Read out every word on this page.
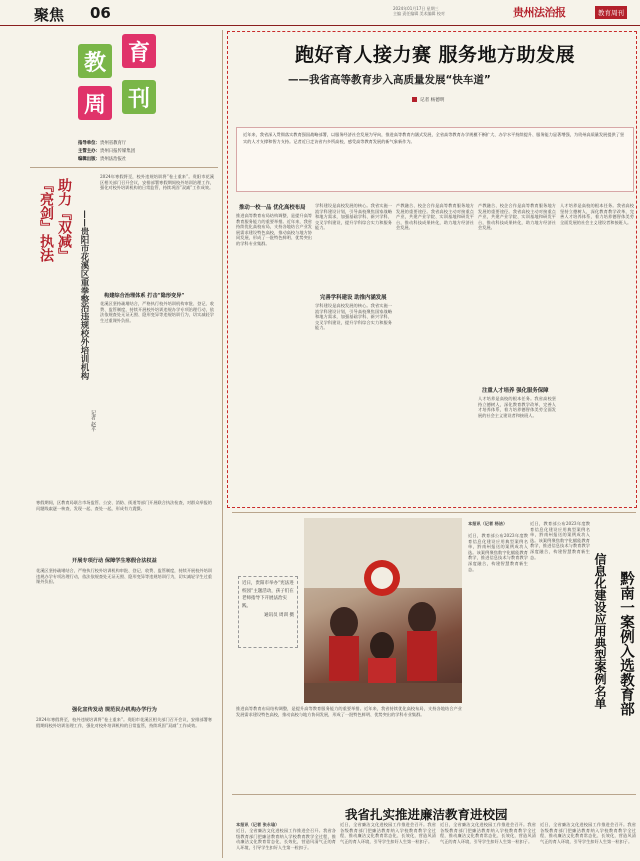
聚焦 06	2024年01月17日 星期三
主编 责任编辑 美术编辑 校对	贵州法治报	教育周刊
教 育
周 刊
指导单位：贵州省教育厅
主管主办：贵州日报传媒集团
编辑出版：贵州法治报社
『亮剑』执法 助力『双减』 ——贵阳市花溪区重拳整治违规校外培训机构
记者 赵平
2024年寒假将至，校外违规培训将“卷土重来”。贵阳市花溪区相关部门召开会议，安排部署寒假期间校外培训治理工作，强化对校外培训机构的日常监管，持续巩固“双减”工作成效。
构建综合治理体系 打击“隐形变异”
花溪区坚持疏堵结合，严格执行校外培训机构审批、登记、收费、监管制度，持续开展校外培训违规办学专项治理行动，依法依规查处无证无照、隐形变异等违规培训行为，切实减轻学生过重课外负担。
寒假期间，区教育局联合市场监管、公安、消防、街道等部门开展联合执法检查，对群众举报的问题线索逐一核查，发现一起、查处一起，形成有力震慑。
开展专项行动 保障学生寒假合法权益
花溪区坚持疏堵结合，严格执行校外培训机构审批、登记、收费、监管制度，持续开展校外培训违规办学专项治理行动，依法依规查处无证无照、隐形变异等违规培训行为，切实减轻学生过重课外负担。
强化宣传发动 规范民办机构办学行为
2024年寒假将至，校外违规培训将“卷土重来”。贵阳市花溪区相关部门召开会议，安排部署寒假期间校外培训治理工作，强化对校外培训机构的日常监管，持续巩固“双减”工作成效。
跑好育人接力赛 服务地方助发展
——我省高等教育步入高质量发展“快车道”
记者 杨德明
近年来，我省深入贯彻落实教育强国战略部署，以服务经济社会发展为导向，推进高等教育内涵式发展，全省高等教育办学规模不断扩大、办学水平持续提升、服务能力显著增强，为贵州高质量发展提供了坚实的人才支撑和智力支持。记者近日走访省内多所高校，感受高等教育发展的新气象新作为。
推动一校一品 优化高校布局
推进高等教育布局结构调整，是提升高等教育服务能力的重要举措。近年来，我省持续优化高校布局，支持各地结合产业发展需求建设特色高校，推动高校与地方协同发展，形成了一批特色鲜明、优势突出的学科专业集群。
学科建设是高校发展的核心。我省实施一流学科建设计划，引导高校聚焦国家战略和地方需求，加强基础学科、新兴学科、交叉学科建设，提升学科综合实力和服务能力。
完善学科建设 助推内涵发展
学科建设是高校发展的核心。我省实施一流学科建设计划，引导高校聚焦国家战略和地方需求，加强基础学科、新兴学科、交叉学科建设，提升学科综合实力和服务能力。
产教融合、校企合作是高等教育服务地方发展的重要途径。我省高校主动对接重点产业，共建产业学院、实训基地和研发平台，推动科技成果转化，助力地方经济社会发展。
产教融合、校企合作是高等教育服务地方发展的重要途径。我省高校主动对接重点产业，共建产业学院、实训基地和研发平台，推动科技成果转化，助力地方经济社会发展。
注重人才培养 强化服务保障
人才培养是高校的根本任务。我省高校坚持立德树人，深化教育教学改革，完善人才培养体系，着力培养德智体美劳全面发展的社会主义建设者和接班人。
人才培养是高校的根本任务。我省高校坚持立德树人，深化教育教学改革，完善人才培养体系，着力培养德智体美劳全面发展的社会主义建设者和接班人。
近日，贵阳市举办“宪法进校园”主题活动，孩子们在老师指导下开展法治实践。
通讯员 周训 摄	黔南一案例入选教育部
信息化建设应用典型案例名单
本报讯（记者 杨洁）
近日，教育部公布2023年度教育信息化建设应用典型案例名单，黔南州报送的案例成功入选。该案例聚焦数字化赋能教育教学，推进信息技术与教育教学深度融合，构建智慧教育新生态。
近日，教育部公布2023年度教育信息化建设应用典型案例名单，黔南州报送的案例成功入选。该案例聚焦数字化赋能教育教学，推进信息技术与教育教学深度融合，构建智慧教育新生态。
推进高等教育布局结构调整，是提升高等教育服务能力的重要举措。近年来，我省持续优化高校布局，支持各地结合产业发展需求建设特色高校，推动高校与地方协同发展，形成了一批特色鲜明、优势突出的学科专业集群。
我省扎实推进廉洁教育进校园
本报讯（记者 张永瑜）
近日，全省廉洁文化进校园工作推进会召开。我省各级教育部门把廉洁教育纳入学校教育教学全过程，推动廉洁文化教育常态化、长效化，营造风清气正的育人环境，引导学生扣好人生第一粒扣子。
近日，全省廉洁文化进校园工作推进会召开。我省各级教育部门把廉洁教育纳入学校教育教学全过程，推动廉洁文化教育常态化、长效化，营造风清气正的育人环境，引导学生扣好人生第一粒扣子。
近日，全省廉洁文化进校园工作推进会召开。我省各级教育部门把廉洁教育纳入学校教育教学全过程，推动廉洁文化教育常态化、长效化，营造风清气正的育人环境，引导学生扣好人生第一粒扣子。
近日，全省廉洁文化进校园工作推进会召开。我省各级教育部门把廉洁教育纳入学校教育教学全过程，推动廉洁文化教育常态化、长效化，营造风清气正的育人环境，引导学生扣好人生第一粒扣子。
